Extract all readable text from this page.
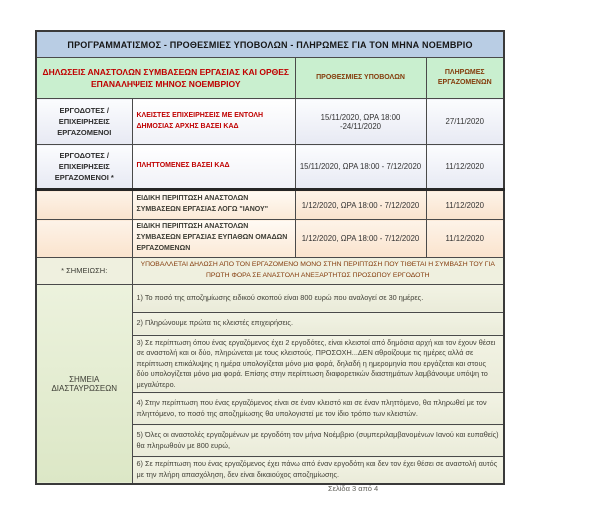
ΠΡΟΓΡΑΜΜΑΤΙΣΜΟΣ - ΠΡΟΘΕΣΜΙΕΣ ΥΠΟΒΟΛΩΝ - ΠΛΗΡΩΜΕΣ ΓΙΑ ΤΟΝ ΜΗΝΑ ΝΟΕΜΒΡΙΟ			
ΔΗΛΩΣΕΙΣ ΑΝΑΣΤΟΛΩΝ ΣΥΜΒΑΣΕΩΝ ΕΡΓΑΣΙΑΣ ΚΑΙ ΟΡΘΕΣ ΕΠΑΝΑΛΗΨΕΙΣ ΜΗΝΟΣ ΝΟΕΜΒΡΙΟΥ		ΠΡΟΘΕΣΜΙΕΣ ΥΠΟΒΟΛΩΝ	ΠΛΗΡΩΜΕΣ ΕΡΓΑΖΟΜΕΝΩΝ
ΕΡΓΟΔΟΤΕΣ / ΕΠΙΧΕΙΡΗΣΕΙΣ ΕΡΓΑΖΟΜΕΝΟΙ	ΚΛΕΙΣΤΕΣ ΕΠΙΧΕΙΡΗΣΕΙΣ ΜΕ ΕΝΤΟΛΗ ΔΗΜΟΣΙΑΣ ΑΡΧΗΣ ΒΑΣΕΙ ΚΑΔ	15/11/2020, ΩΡΑ 18:00 -24/11/2020	27/11/2020
ΕΡΓΟΔΟΤΕΣ / ΕΠΙΧΕΙΡΗΣΕΙΣ ΕΡΓΑΖΟΜΕΝΟΙ *	ΠΛΗΤΤΟΜΕΝΕΣ ΒΑΣΕΙ ΚΑΔ	15/11/2020, ΩΡΑ 18:00 - 7/12/2020	11/12/2020
	ΕΙΔΙΚΗ ΠΕΡΙΠΤΩΣΗ ΑΝΑΣΤΟΛΩΝ ΣΥΜΒΑΣΕΩΝ ΕΡΓΑΣΙΑΣ ΛΟΓΩ "ΙΑΝΟΥ"	1/12/2020, ΩΡΑ 18:00 - 7/12/2020	11/12/2020
	ΕΙΔΙΚΗ ΠΕΡΙΠΤΩΣΗ ΑΝΑΣΤΟΛΩΝ ΣΥΜΒΑΣΕΩΝ ΕΡΓΑΣΙΑΣ ΕΥΠΑΘΩΝ ΟΜΑΔΩΝ ΕΡΓΑΖΟΜΕΝΩΝ	1/12/2020, ΩΡΑ 18:00 - 7/12/2020	11/12/2020
* ΣΗΜΕΙΩΣΗ:	ΥΠΟΒΑΛΛΕΤΑΙ ΔΗΛΩΣΗ ΑΠΟ ΤΟΝ ΕΡΓΑΖΟΜΕΝΟ ΜΟΝΟ ΣΤΗΝ ΠΕΡΙΠΤΩΣΗ ΠΟΥ ΤΙΘΕΤΑΙ Η ΣΥΜΒΑΣΗ ΤΟΥ ΓΙΑ ΠΡΩΤΗ ΦΟΡΑ ΣΕ ΑΝΑΣΤΟΛΗ ΑΝΕΞΑΡΤΗΤΩΣ ΠΡΟΣΩΠΟΥ ΕΡΓΟΔΟΤΗ		
ΣΗΜΕΙΑ ΔΙΑΣΤΑΥΡΩΣΕΩΝ	1) Το ποσό της αποζημίωσης ειδικού σκοπού είναι 800 ευρώ που αναλογεί σε 30 ημέρες.		
	2) Πληρώνουμε πρώτα τις κλειστές επιχειρήσεις.		
	3) Σε περίπτωση όπου ένας εργαζόμενος έχει 2 εργοδότες, είναι κλειστοί από δημόσια αρχή και τον έχουν θέσει σε αναστολή και οι δύο, πληρώνεται με τους κλειστούς. ΠΡΟΣΟΧΗ...ΔΕΝ αθροίζουμε τις ημέρες αλλά σε περίπτωση επικάλυψης η ημέρα υπολογίζεται μόνο μια φορά, δηλαδή η ημερομηνία που εργάζεται και στους δύο υπολογίζεται μόνο μια φορά. Επίσης στην περίπτωση διαφορετικών διαστημάτων λαμβάνουμε υπόψη το μεγαλύτερο.		
	4) Στην περίπτωση που ένας εργαζόμενος είναι σε έναν κλειστό και σε έναν πληττόμενο, θα πληρωθεί με τον πληττόμενο, το ποσό της αποζημίωσης θα υπολογιστεί με τον ίδιο τρόπο των κλειστών.		
	5) Όλες οι αναστολές εργαζομένων με εργοδότη τον μήνα Νοέμβριο (συμπεριλαμβανομένων Ιανού και ευπαθείς) θα πληρωθούν με 800 ευρώ,		
	6) Σε περίπτωση που ένας εργαζόμενος έχει πάνω από έναν εργοδότη και δεν τον έχει θέσει σε αναστολή αυτός με την πλήρη απασχόληση, δεν είναι δικαιούχος αποζημίωσης.		
Σελίδα 3 από 4
